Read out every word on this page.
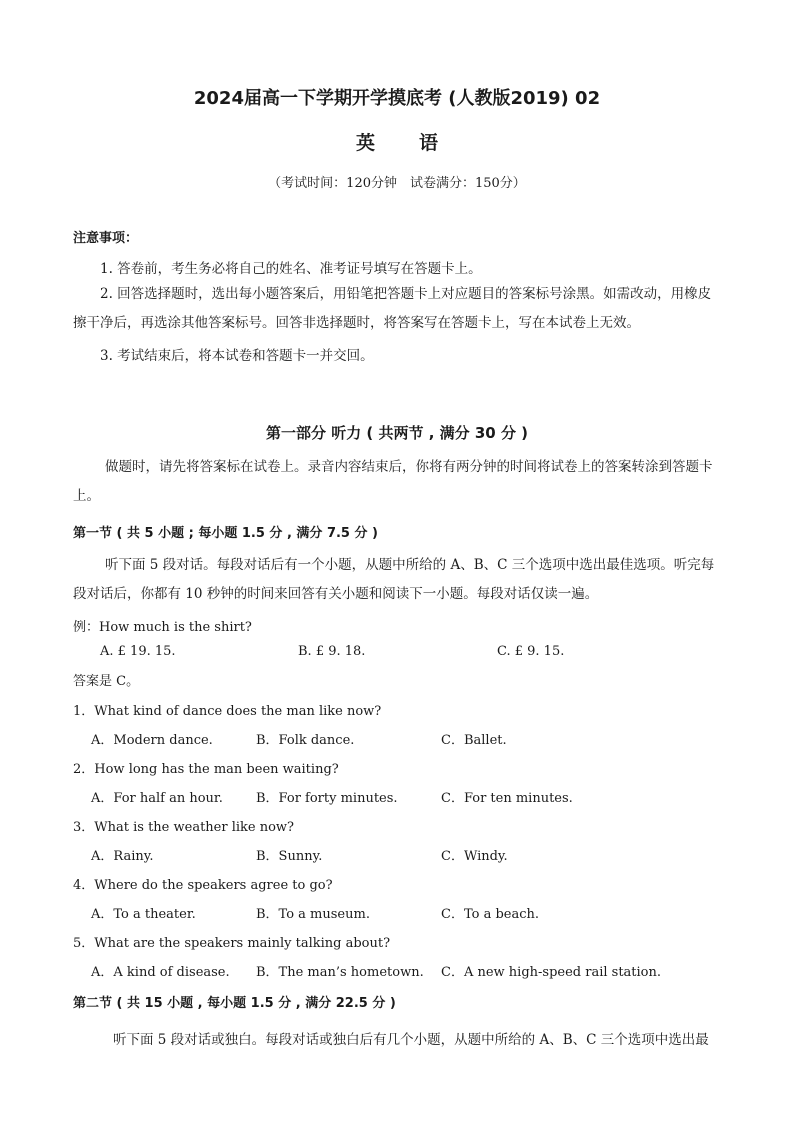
2024届高一下学期开学摸底考 (人教版2019) 02
英语
（考试时间：120分钟　试卷满分：150分）
注意事项：
1. 答卷前，考生务必将自己的姓名、准考证号填写在答题卡上。
2. 回答选择题时，选出每小题答案后，用铅笔把答题卡上对应题目的答案标号涂黑。如需改动，用橡皮擦干净后，再选涂其他答案标号。回答非选择题时，将答案写在答题卡上，写在本试卷上无效。
3. 考试结束后，将本试卷和答题卡一并交回。
第一部分 听力 ( 共两节 , 满分 30 分 )
做题时，请先将答案标在试卷上。录音内容结束后，你将有两分钟的时间将试卷上的答案转涂到答题卡上。
第一节 ( 共 5 小题 ; 每小题 1.5 分 , 满分 7.5 分 )
听下面 5 段对话。每段对话后有一个小题，从题中所给的 A、B、C 三个选项中选出最佳选项。听完每段对话后，你都有 10 秒钟的时间来回答有关小题和阅读下一小题。每段对话仅读一遍。
例：How much is the shirt?
A. £ 19. 15.	B. £ 9. 18.	C. £ 9. 15.
答案是 C。
1．What kind of dance does the man like now?
A．Modern dance.	B．Folk dance.	C．Ballet.
2．How long has the man been waiting?
A．For half an hour.	B．For forty minutes.	C．For ten minutes.
3．What is the weather like now?
A．Rainy.	B．Sunny.	C．Windy.
4．Where do the speakers agree to go?
A．To a theater.	B．To a museum.	C．To a beach.
5．What are the speakers mainly talking about?
A．A kind of disease. B．The man’s hometown. C．A new high-speed rail station.
第二节 ( 共 15 小题 , 每小题 1.5 分 , 满分 22.5 分 )
听下面 5 段对话或独白。每段对话或独白后有几个小题，从题中所给的 A、B、C 三个选项中选出最
